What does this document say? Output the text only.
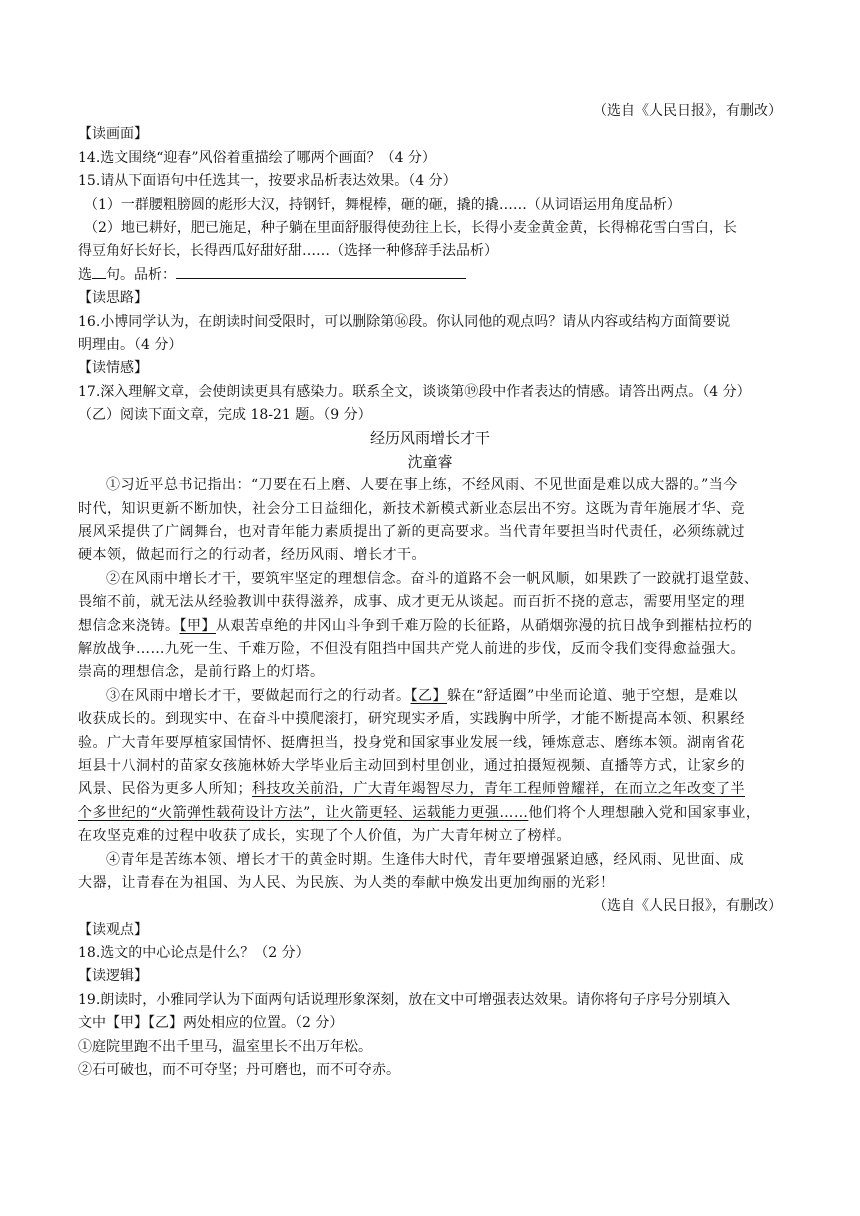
（选自《人民日报》，有删改）
【读画面】
14.选文围绕“迎春”风俗着重描绘了哪两个画面？（4 分）
15.请从下面语句中任选其一，按要求品析表达效果。（4 分）
（1）一群腰粗膀圆的彪形大汉，持钢钎，舞棍棒，砸的砸，撬的撬……（从词语运用角度品析）
（2）地已耕好，肥已施足，种子躺在里面舒服得使劲往上长，长得小麦金黄金黄，长得棉花雪白雪白，长
得豆角好长好长，长得西瓜好甜好甜……（选择一种修辞手法品析）
选 句。品析：
【读思路】
16.小博同学认为，在朗读时间受限时，可以删除第⑯段。你认同他的观点吗？请从内容或结构方面简要说
明理由。（4 分）
【读情感】
17.深入理解文章，会使朗读更具有感染力。联系全文，谈谈第⑲段中作者表达的情感。请答出两点。（4 分）
（乙）阅读下面文章，完成 18-21 题。（9 分）
经历风雨增长才干
沈童睿
①习近平总书记指出：“刀要在石上磨、人要在事上练，不经风雨、不见世面是难以成大器的。”当今
时代，知识更新不断加快，社会分工日益细化，新技术新模式新业态层出不穷。这既为青年施展才华、竞
展风采提供了广阔舞台，也对青年能力素质提出了新的更高要求。当代青年要担当时代责任，必须练就过
硬本领，做起而行之的行动者，经历风雨、增长才干。
②在风雨中增长才干，要筑牢坚定的理想信念。奋斗的道路不会一帆风顺，如果跌了一跤就打退堂鼓、
畏缩不前，就无法从经验教训中获得滋养，成事、成才更无从谈起。而百折不挠的意志，需要用坚定的理
想信念来浇铸。【甲】从艰苦卓绝的井冈山斗争到千难万险的长征路，从硝烟弥漫的抗日战争到摧枯拉朽的
解放战争……九死一生、千难万险，不但没有阻挡中国共产党人前进的步伐，反而令我们变得愈益强大。
崇高的理想信念，是前行路上的灯塔。
③在风雨中增长才干，要做起而行之的行动者。【乙】躲在“舒适圈”中坐而论道、驰于空想，是难以
收获成长的。到现实中、在奋斗中摸爬滚打，研究现实矛盾，实践胸中所学，才能不断提高本领、积累经
验。广大青年要厚植家国情怀、挺膺担当，投身党和国家事业发展一线，锤炼意志、磨练本领。湖南省花
垣县十八洞村的苗家女孩施林娇大学毕业后主动回到村里创业，通过拍摄短视频、直播等方式，让家乡的
风景、民俗为更多人所知；科技攻关前沿，广大青年竭智尽力，青年工程师曾耀祥，在而立之年改变了半
个多世纪的“火箭弹性载荷设计方法”，让火箭更轻、运载能力更强……他们将个人理想融入党和国家事业，
在攻坚克难的过程中收获了成长，实现了个人价值，为广大青年树立了榜样。
④青年是苦练本领、增长才干的黄金时期。生逢伟大时代，青年要增强紧迫感，经风雨、见世面、成
大器，让青春在为祖国、为人民、为民族、为人类的奉献中焕发出更加绚丽的光彩！
（选自《人民日报》，有删改）
【读观点】
18.选文的中心论点是什么？（2 分）
【读逻辑】
19.朗读时，小雅同学认为下面两句话说理形象深刻，放在文中可增强表达效果。请你将句子序号分别填入
文中【甲】【乙】两处相应的位置。（2 分）
①庭院里跑不出千里马，温室里长不出万年松。
②石可破也，而不可夺坚；丹可磨也，而不可夺赤。
